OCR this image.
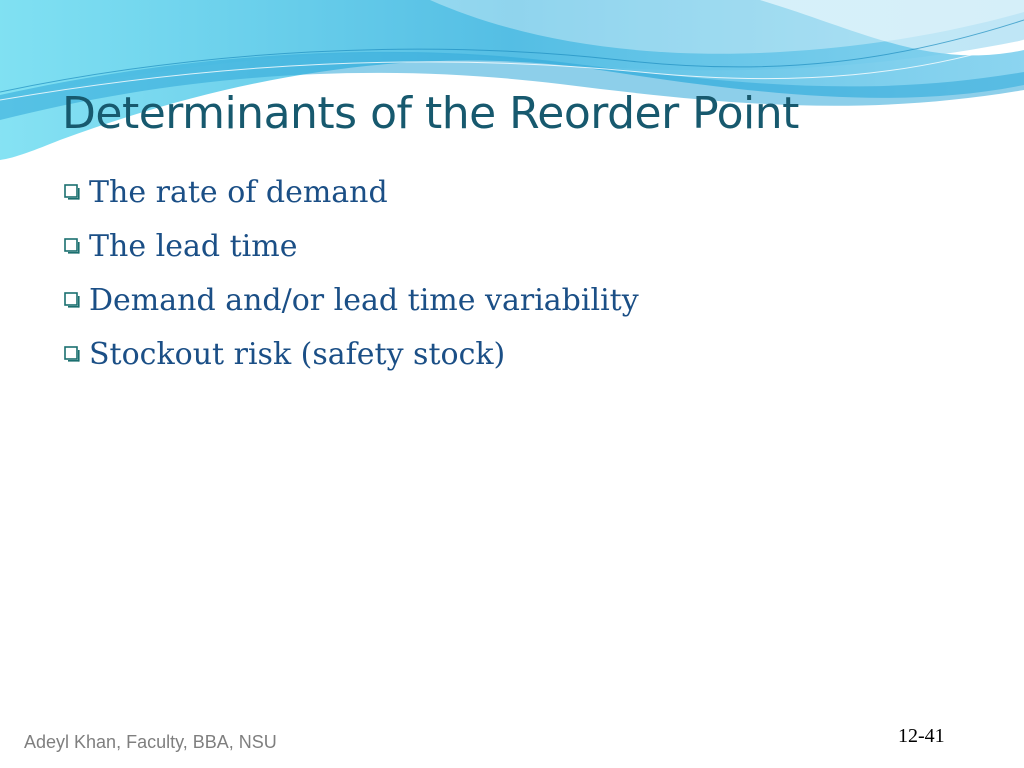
Determinants of the Reorder Point
The rate of demand
The lead time
Demand and/or lead time variability
Stockout risk (safety stock)
Adeyl Khan, Faculty, BBA, NSU	12-41
